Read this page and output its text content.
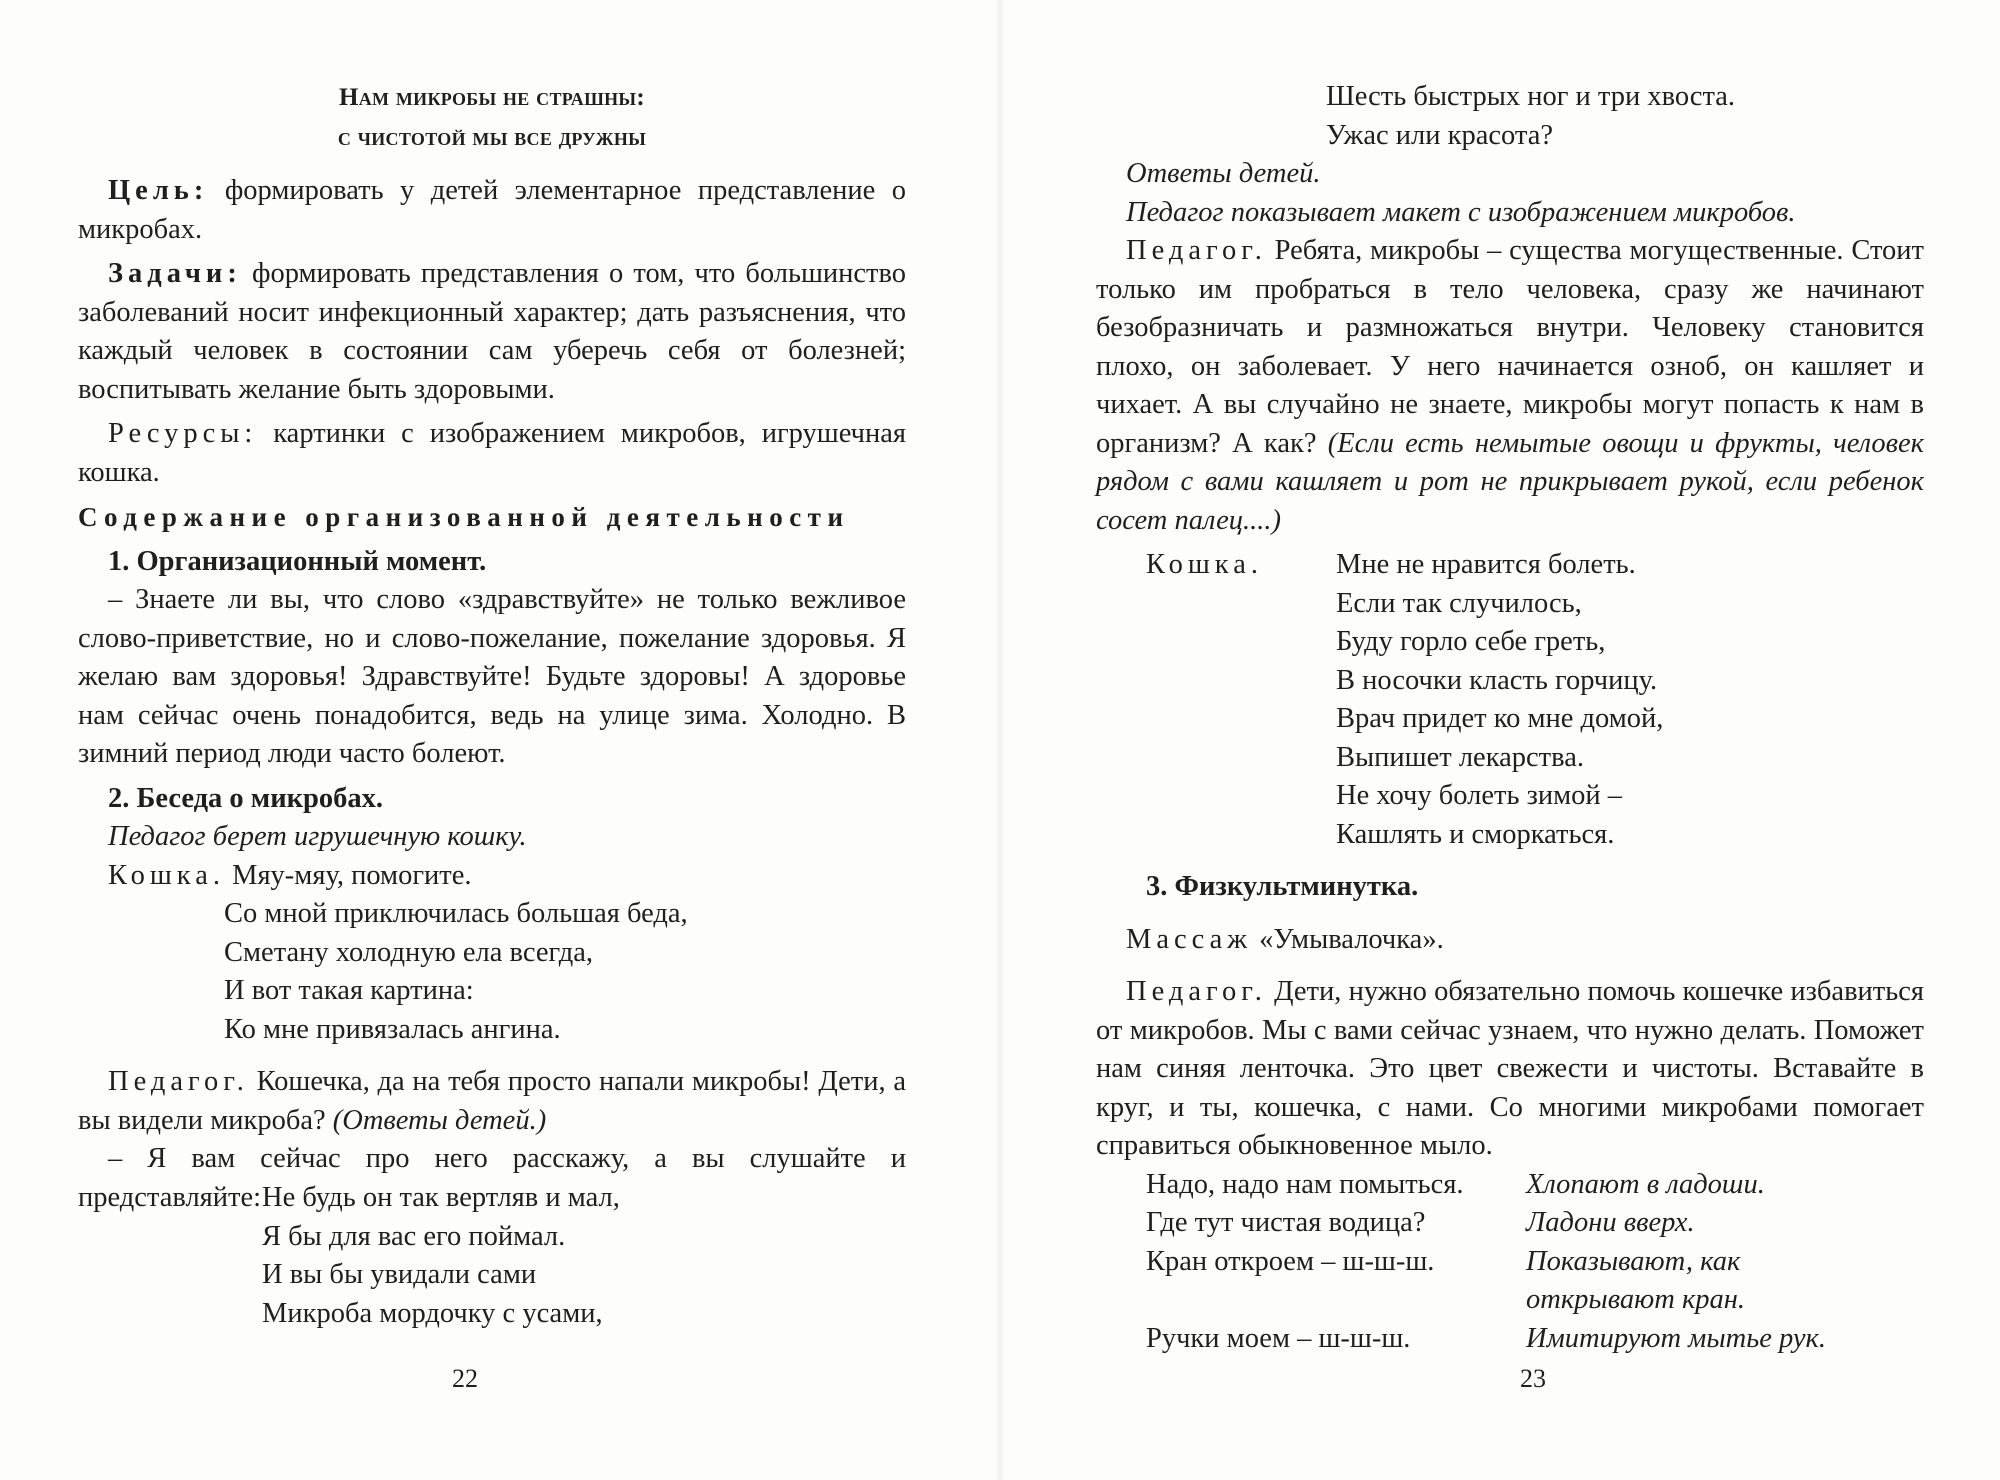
Нам микробы не страшны:
с чистотой мы все дружны

Цель: формировать у детей элементарное представление о микробах.

Задачи: формировать представления о том, что большинство заболеваний носит инфекционный характер; дать разъяснения, что каждый человек в состоянии сам уберечь себя от болезней; воспитывать желание быть здоровыми.

Ресурсы: картинки с изображением микробов, игрушечная кошка.

Содержание организованной деятельности

1. Организационный момент.

– Знаете ли вы, что слово «здравствуйте» не только вежливое слово-приветствие, но и слово-пожелание, пожелание здоровья. Я желаю вам здоровья! Здравствуйте! Будьте здоровы! А здоровье нам сейчас очень понадобится, ведь на улице зима. Холодно. В зимний период люди часто болеют.

2. Беседа о микробах.

Педагог берет игрушечную кошку.

Кошка. Мяу-мяу, помогите.

Со мной приключилась большая беда,
Сметану холодную ела всегда,
И вот такая картина:
Ко мне привязалась ангина.

Педагог. Кошечка, да на тебя просто напали микробы! Дети, а вы видели микроба? (Ответы детей.)

– Я вам сейчас про него расскажу, а вы слушайте и представляйте: Не будь он так вертляв и мал,
Я бы для вас его поймал.
И вы бы увидали сами
Микроба мордочку с усами,
22
Шесть быстрых ног и три хвоста.
Ужас или красота?

Ответы детей.

Педагог показывает макет с изображением микробов.

Педагог. Ребята, микробы – существа могущественные. Стоит только им пробраться в тело человека, сразу же начинают безобразничать и размножаться внутри. Человеку становится плохо, он заболевает. У него начинается озноб, он кашляет и чихает. А вы случайно не знаете, микробы могут попасть к нам в организм? А как? (Если есть немытые овощи и фрукты, человек рядом с вами кашляет и рот не прикрывает рукой, если ребенок сосет палец....)

Кошка.	Мне не нравится болеть.
Если так случилось,
Буду горло себе греть,
В носочки класть горчицу.
Врач придет ко мне домой,
Выпишет лекарства.
Не хочу болеть зимой –
Кашлять и сморкаться.

3. Физкультминутка.

Массаж «Умывалочка».

Педагог. Дети, нужно обязательно помочь кошечке избавиться от микробов. Мы с вами сейчас узнаем, что нужно делать. Поможет нам синяя ленточка. Это цвет свежести и чистоты. Вставайте в круг, и ты, кошечка, с нами. Со многими микробами помогает справиться обыкновенное мыло.

Надо, надо нам помыться.	Хлопают в ладоши.
Где тут чистая водица?	Ладони вверх.
Кран откроем – ш-ш-ш.	Показывают, как открывают кран.
Ручки моем – ш-ш-ш.	Имитируют мытье рук.
23
